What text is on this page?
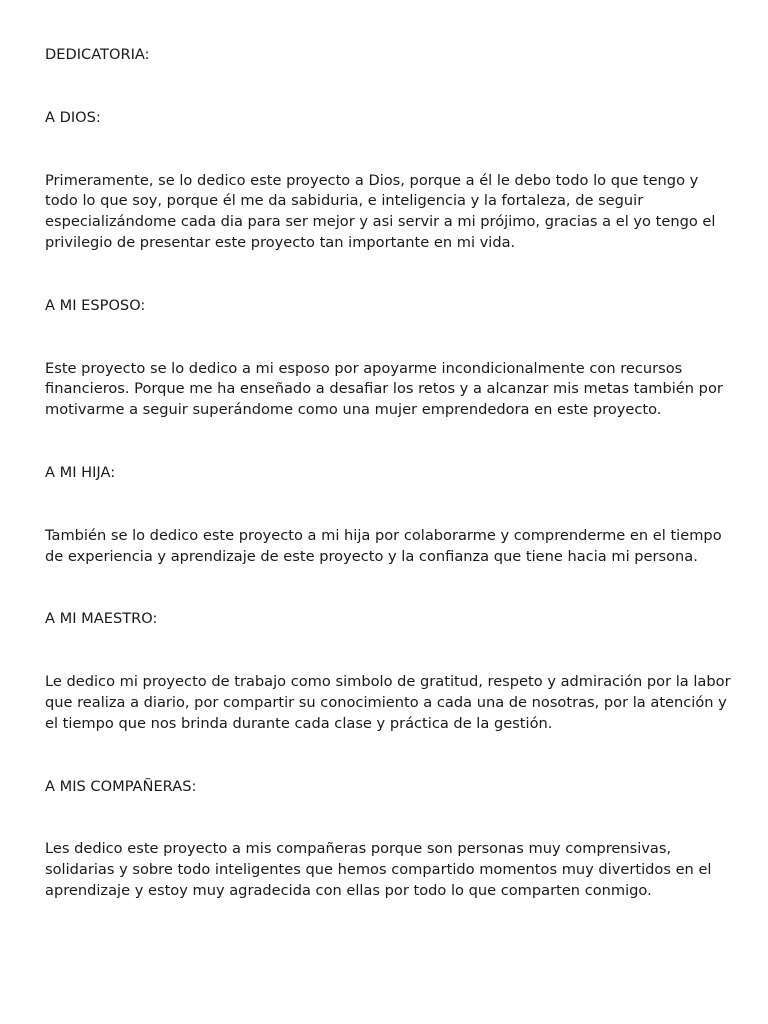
DEDICATORIA:

A DIOS:

Primeramente, se lo dedico este proyecto a Dios, porque a él le debo todo lo que tengo y todo lo que soy, porque él me da sabiduria, e inteligencia y la fortaleza, de seguir especializándome cada dia para ser mejor y asi servir a mi prójimo, gracias a el yo tengo el privilegio de presentar este proyecto tan importante en mi vida.

A MI ESPOSO:

Este proyecto se lo dedico a mi esposo por apoyarme incondicionalmente con recursos financieros. Porque me ha enseñado a desafiar los retos y a alcanzar mis metas también por motivarme a seguir superándome como una mujer emprendedora en este proyecto.

A MI HIJA:

También se lo dedico este proyecto a mi hija por colaborarme y comprenderme en el tiempo de experiencia y aprendizaje de este proyecto y la confianza que tiene hacia mi persona.

A MI MAESTRO:

Le dedico mi proyecto de trabajo como simbolo de gratitud, respeto y admiración por la labor que realiza a diario, por compartir su conocimiento a cada una de nosotras, por la atención y el tiempo que nos brinda durante cada clase y práctica de la gestión.

A MIS COMPAÑERAS:

Les dedico este proyecto a mis compañeras porque son personas muy comprensivas, solidarias y sobre todo inteligentes que hemos compartido momentos muy divertidos en el aprendizaje y estoy muy agradecida con ellas por todo lo que comparten conmigo.
